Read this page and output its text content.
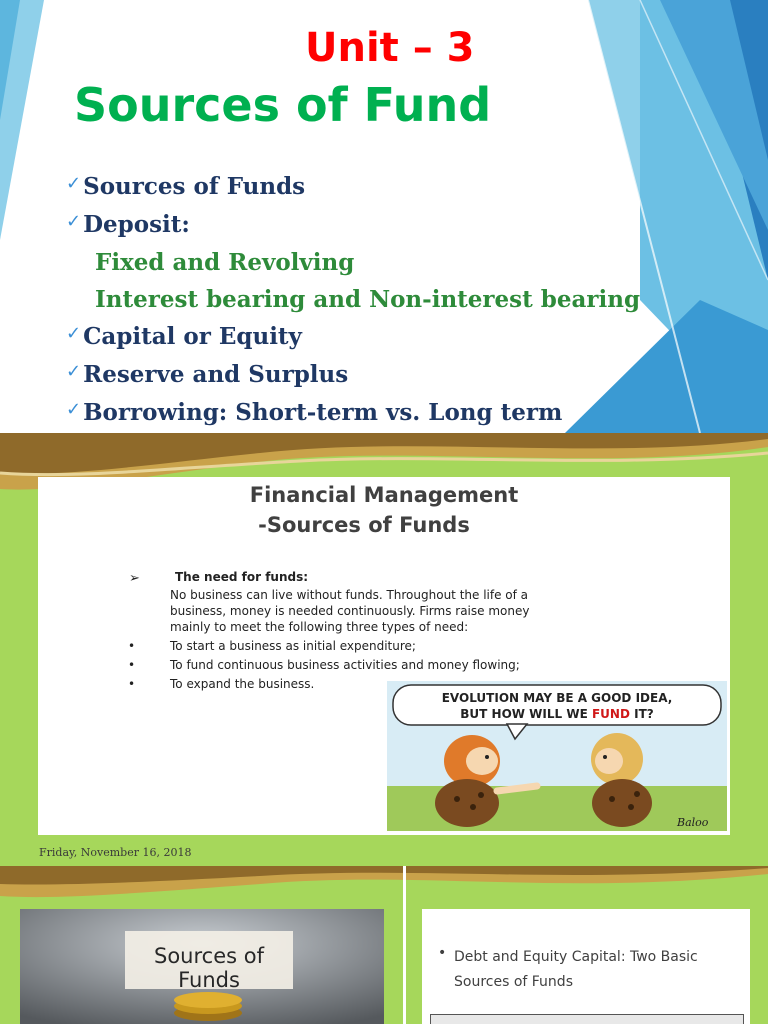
Unit – 3
Sources of Fund
✓Sources of Funds
✓Deposit:
Fixed and Revolving
Interest bearing and Non-interest bearing
✓Capital or Equity
✓Reserve and Surplus
✓Borrowing: Short-term vs. Long term
Financial Management
-Sources of Funds
➢	The need for funds:

No business can live without funds. Throughout the life of a
business, money is needed continuously. Firms raise money
mainly to meet the following three types of need:

•	To start a business as initial expenditure;
•	To fund continuous business activities and money flowing;
•	To expand the business.
EVOLUTION MAY BE A GOOD IDEA,
BUT HOW WILL WE FUND IT?
Baloo
Friday, November 16, 2018

Sources of Funds

• Debt and Equity Capital: Two Basic Sources of Funds
